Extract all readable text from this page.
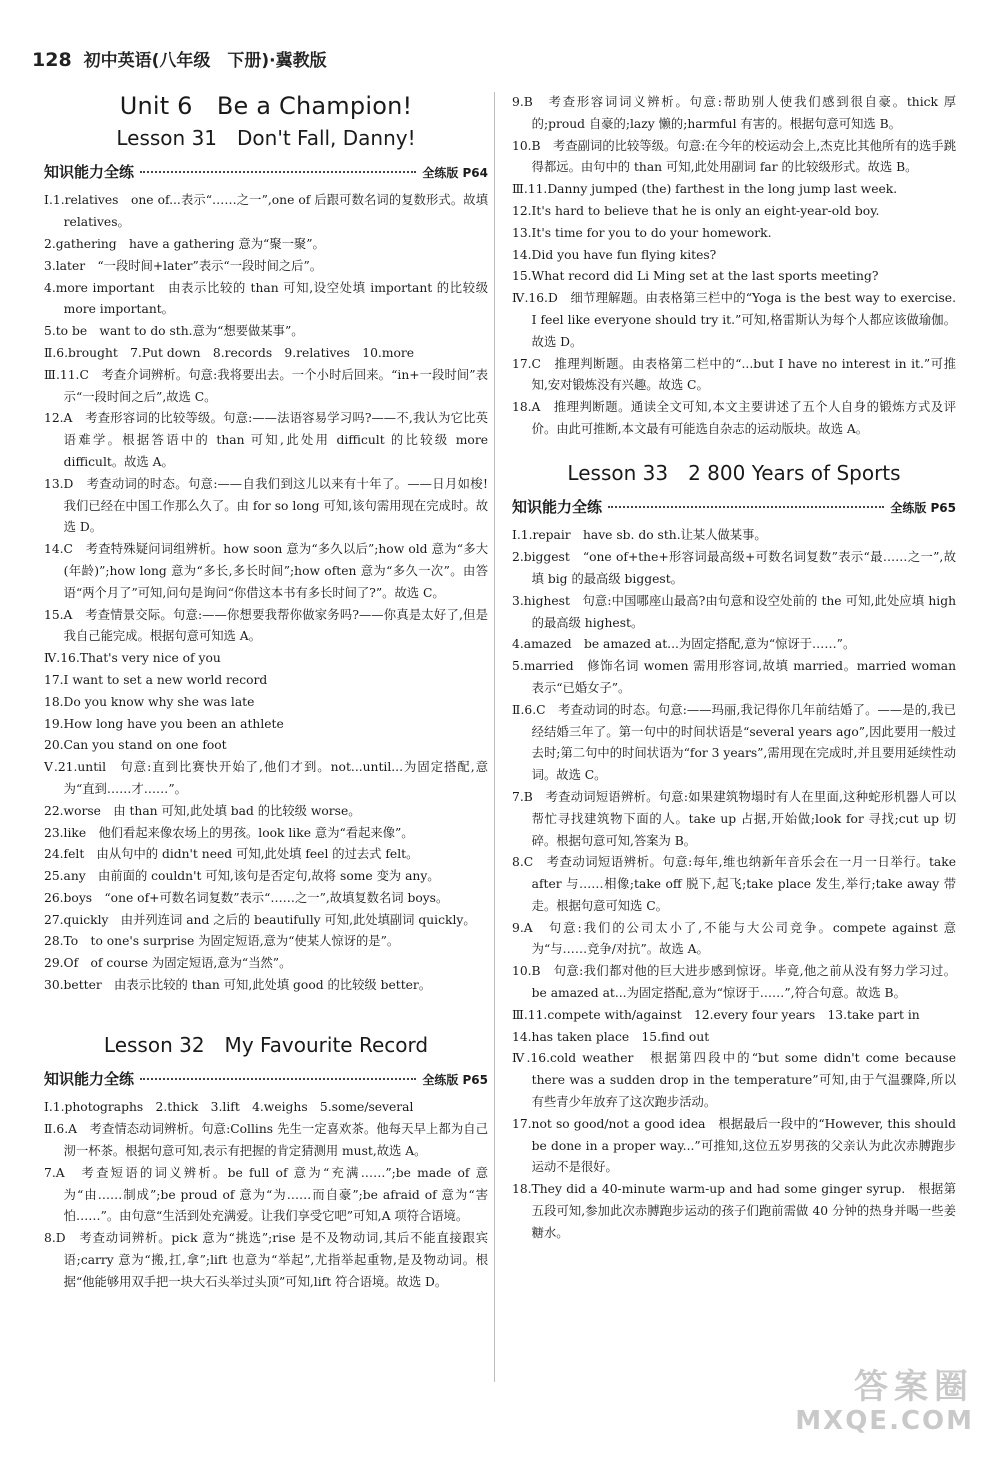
128 初中英语(八年级　下册)·冀教版
Unit 6　Be a Champion!
Lesson 31　Don't Fall, Danny!
知识能力全练	全练版 P64

Ⅰ.1.relatives　one of...表示“……之一”,one of 后跟可数名词的复数形式。故填 relatives。

2.gathering　have a gathering 意为“聚一聚”。

3.later　“一段时间+later”表示“一段时间之后”。

4.more important　由表示比较的 than 可知,设空处填 important 的比较级 more important。

5.to be　want to do sth.意为“想要做某事”。

Ⅱ.6.brought　7.Put down　8.records　9.relatives　10.more

Ⅲ.11.C　考查介词辨析。句意:我将要出去。一个小时后回来。“in+一段时间”表示“一段时间之后”,故选 C。

12.A　考查形容词的比较等级。句意:——法语容易学习吗?——不,我认为它比英语难学。根据答语中的 than 可知,此处用 difficult 的比较级 more difficult。故选 A。

13.D　考查动词的时态。句意:——自我们到这儿以来有十年了。——日月如梭!我们已经在中国工作那么久了。由 for so long 可知,该句需用现在完成时。故选 D。

14.C　考查特殊疑问词组辨析。how soon 意为“多久以后”;how old 意为“多大(年龄)”;how long 意为“多长,多长时间”;how often 意为“多久一次”。由答语“两个月了”可知,问句是询问“你借这本书有多长时间了?”。故选 C。

15.A　考查情景交际。句意:——你想要我帮你做家务吗?——你真是太好了,但是我自己能完成。根据句意可知选 A。

Ⅳ.16.That's very nice of you

17.I want to set a new world record

18.Do you know why she was late

19.How long have you been an athlete

20.Can you stand on one foot

Ⅴ.21.until　句意:直到比赛快开始了,他们才到。not...until...为固定搭配,意为“直到……才……”。

22.worse　由 than 可知,此处填 bad 的比较级 worse。

23.like　他们看起来像农场上的男孩。look like 意为“看起来像”。

24.felt　由从句中的 didn't need 可知,此处填 feel 的过去式 felt。

25.any　由前面的 couldn't 可知,该句是否定句,故将 some 变为 any。

26.boys　“one of+可数名词复数”表示“……之一”,故填复数名词 boys。

27.quickly　由并列连词 and 之后的 beautifully 可知,此处填副词 quickly。

28.To　to one's surprise 为固定短语,意为“使某人惊讶的是”。

29.Of　of course 为固定短语,意为“当然”。

30.better　由表示比较的 than 可知,此处填 good 的比较级 better。

Lesson 32　My Favourite Record
知识能力全练	全练版 P65

Ⅰ.1.photographs　2.thick　3.lift　4.weighs　5.some/several

Ⅱ.6.A　考查情态动词辨析。句意:Collins 先生一定喜欢茶。他每天早上都为自己沏一杯茶。根据句意可知,表示有把握的肯定猜测用 must,故选 A。

7.A　考查短语的词义辨析。be full of 意为“充满……”;be made of 意为“由……制成”;be proud of 意为“为……而自豪”;be afraid of 意为“害怕……”。由句意“生活到处充满爱。让我们享受它吧”可知,A 项符合语境。

8.D　考查动词辨析。pick 意为“挑选”;rise 是不及物动词,其后不能直接跟宾语;carry 意为“搬,扛,拿”;lift 也意为“举起”,尤指举起重物,是及物动词。根据“他能够用双手把一块大石头举过头顶”可知,lift 符合语境。故选 D。

9.B　考查形容词词义辨析。句意:帮助别人使我们感到很自豪。thick 厚的;proud 自豪的;lazy 懒的;harmful 有害的。根据句意可知选 B。

10.B　考查副词的比较等级。句意:在今年的校运动会上,杰克比其他所有的选手跳得都远。由句中的 than 可知,此处用副词 far 的比较级形式。故选 B。

Ⅲ.11.Danny jumped (the) farthest in the long jump last week.

12.It's hard to believe that he is only an eight-year-old boy.

13.It's time for you to do your homework.

14.Did you have fun flying kites?

15.What record did Li Ming set at the last sports meeting?

Ⅳ.16.D　细节理解题。由表格第三栏中的“Yoga is the best way to exercise. I feel like everyone should try it.”可知,格雷斯认为每个人都应该做瑜伽。故选 D。

17.C　推理判断题。由表格第二栏中的“...but I have no interest in it.”可推知,安对锻炼没有兴趣。故选 C。

18.A　推理判断题。通读全文可知,本文主要讲述了五个人自身的锻炼方式及评价。由此可推断,本文最有可能选自杂志的运动版块。故选 A。

Lesson 33　2 800 Years of Sports
知识能力全练	全练版 P65

Ⅰ.1.repair　have sb. do sth.让某人做某事。

2.biggest　“one of+the+形容词最高级+可数名词复数”表示“最……之一”,故填 big 的最高级 biggest。

3.highest　句意:中国哪座山最高?由句意和设空处前的 the 可知,此处应填 high 的最高级 highest。

4.amazed　be amazed at...为固定搭配,意为“惊讶于……”。

5.married　修饰名词 women 需用形容词,故填 married。married woman 表示“已婚女子”。

Ⅱ.6.C　考查动词的时态。句意:——玛丽,我记得你几年前结婚了。——是的,我已经结婚三年了。第一句中的时间状语是“several years ago”,因此要用一般过去时;第二句中的时间状语为“for 3 years”,需用现在完成时,并且要用延续性动词。故选 C。

7.B　考查动词短语辨析。句意:如果建筑物塌时有人在里面,这种蛇形机器人可以帮忙寻找建筑物下面的人。take up 占据,开始做;look for 寻找;cut up 切碎。根据句意可知,答案为 B。

8.C　考查动词短语辨析。句意:每年,维也纳新年音乐会在一月一日举行。take after 与……相像;take off 脱下,起飞;take place 发生,举行;take away 带走。根据句意可知选 C。

9.A　句意:我们的公司太小了,不能与大公司竞争。compete against 意为“与……竞争/对抗”。故选 A。

10.B　句意:我们都对他的巨大进步感到惊讶。毕竟,他之前从没有努力学习过。be amazed at...为固定搭配,意为“惊讶于……”,符合句意。故选 B。

Ⅲ.11.compete with/against　12.every four years　13.take part in

14.has taken place　15.find out

Ⅳ.16.cold weather　根据第四段中的“but some didn't come because there was a sudden drop in the temperature”可知,由于气温骤降,所以有些青少年放弃了这次跑步活动。

17.not so good/not a good idea　根据最后一段中的“However, this should be done in a proper way...”可推知,这位五岁男孩的父亲认为此次赤膊跑步运动不是很好。

18.They did a 40-minute warm-up and had some ginger syrup.　根据第五段可知,参加此次赤膊跑步运动的孩子们跑前需做 40 分钟的热身并喝一些姜糖水。

答案圈
MXQE.COM
